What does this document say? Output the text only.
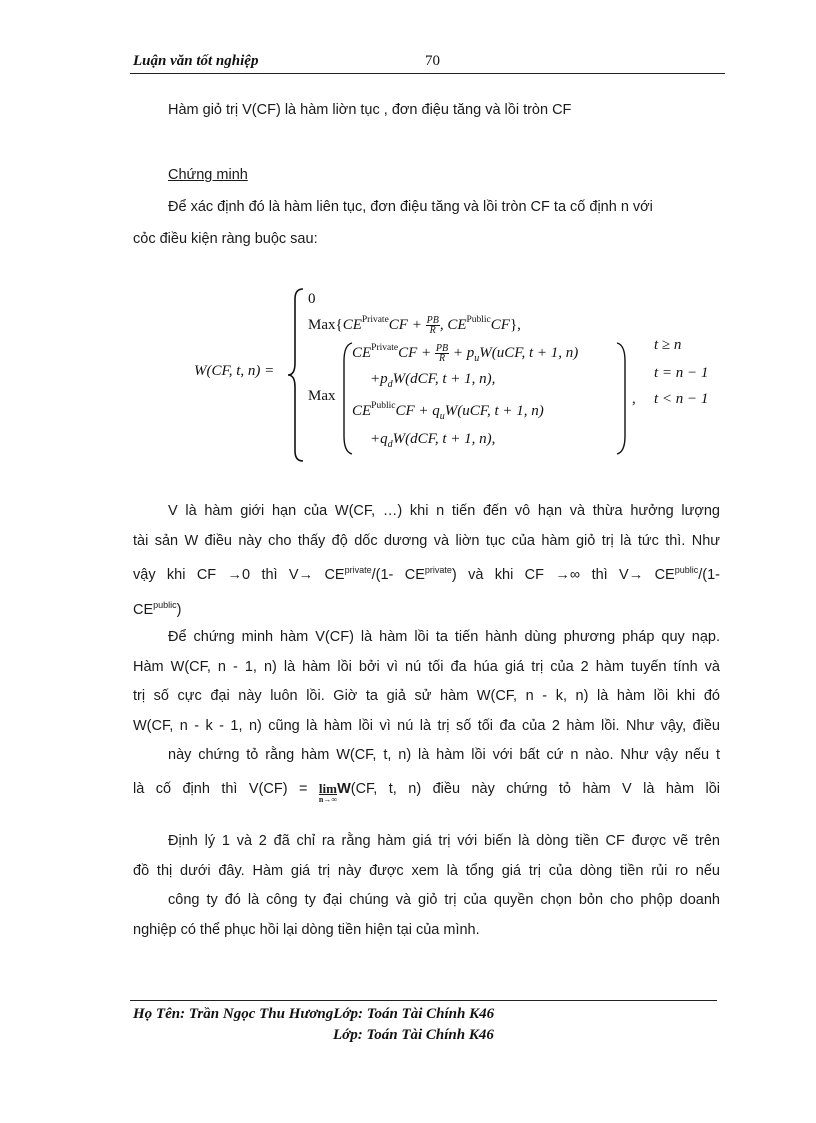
Luận văn tốt nghiệp	70
Hàm giỏ trị V(CF) là hàm liờn tục , đơn điệu tăng và lồi tròn CF
Chứng minh
Để xác định đó là hàm liên tục, đơn điệu tăng và lồi tròn CF ta cố định n với
cỏc điều kiện ràng buộc sau:
W(CF, t, n) =
0
$Max\{CE^{Private}CF + \frac{PB}{R}$ , $CE^{Public}CF$},
Max
$CE^{Private}CF + \frac{PB}{R} + p_uW(uCF$, t + 1, n)
$+p_dW(dCF$, t + 1, n),
$CE^{Public}CF + q_uW(uCF$, t + 1, n)
$+q_dW(dCF$, t + 1, n),
,
t ≥ n
t = n − 1
t < n − 1
V là hàm giới hạn của W(CF, …) khi n tiến đến vô hạn và thừa hưởng lượng
tài sản W điều này cho thấy độ dốc dương và liờn tục của hàm giỏ trị là tức thì. Như
vậy khi CF →0 thì $V\to CE^{private}/(1-$ $CE^{private}$) và khi CF →∞ thì $V\to CE^{public}/(1-$
$CE^{public}$)
Để chứng minh hàm V(CF) là hàm lồi ta tiến hành dùng phương pháp quy nạp.
Hàm W(CF, n - 1, n) là hàm lồi bởi vì nú tối đa húa giá trị của 2 hàm tuyến tính và
trị số cực đại này luôn lồi. Giờ ta giả sử hàm W(CF, n - k, n) là hàm lồi khi đó
W(CF, n - k - 1, n) cũng là hàm lồi vì nú là trị số tối đa của 2 hàm lồi. Như vậy, điều
này chứng tỏ rằng hàm W(CF, t, n) là hàm lồi với bất cứ n nào. Như vậy nếu t
là cố định thì V(CF) = lim
n→∞
W(CF, t, n) điều này chứng tỏ hàm V là hàm lồi
Định lý 1 và 2 đã chỉ ra rằng hàm giá trị với biến là dòng tiền CF được vẽ trên
đồ thị dưới đây. Hàm giá trị này được xem là tổng giá trị của dòng tiền rủi ro nếu
công ty đó là công ty đại chúng và giỏ trị của quyền chọn bỏn cho phộp doanh
nghiệp có thể phục hồi lại dòng tiền hiện tại của mình.
Họ Tên: Trần Ngọc Thu HươngLớp: Toán Tài Chính K46
Lớp: Toán Tài Chính K46
